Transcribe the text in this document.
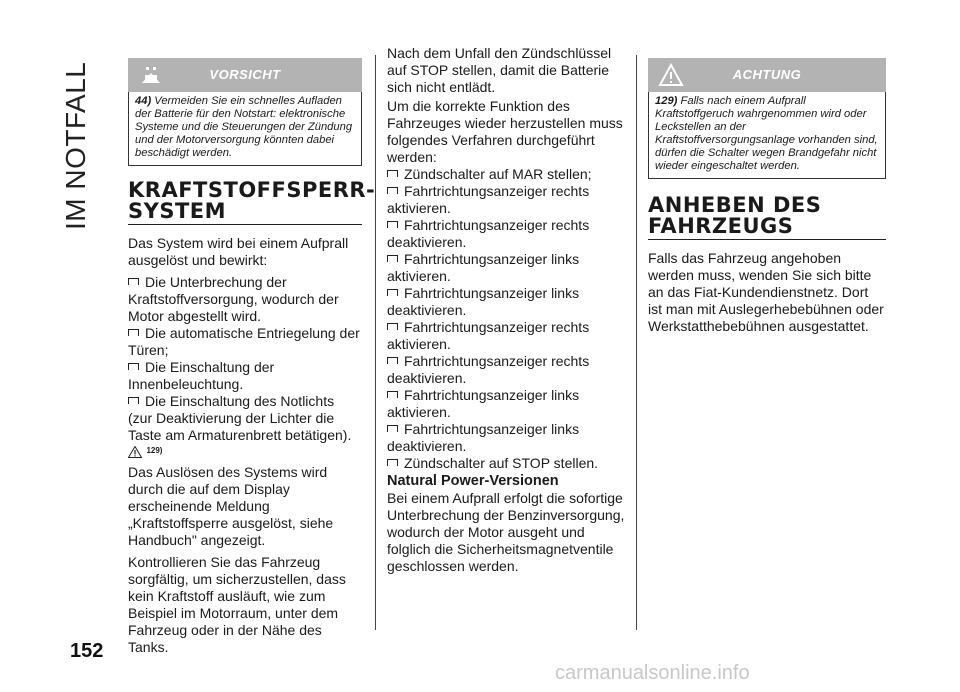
IM NOTFALL
152
VORSICHT
44) Vermeiden Sie ein schnelles Aufladen der Batterie für den Notstart: elektronische Systeme und die Steuerungen der Zündung und der Motorversorgung könnten dabei beschädigt werden.
KRAFTSTOFFSPERR-
SYSTEM

Das System wird bei einem Aufprall ausgelöst und bewirkt:

Die Unterbrechung der Kraftstoffversorgung, wodurch der Motor abgestellt wird.
Die automatische Entriegelung der Türen;
Die Einschaltung der Innenbeleuchtung.
Die Einschaltung des Notlichts (zur Deaktivierung der Lichter die Taste am Armaturenbrett betätigen).
$^{129)}$

Das Auslösen des Systems wird durch die auf dem Display erscheinende Meldung „Kraftstoffsperre ausgelöst, siehe Handbuch" angezeigt.

Kontrollieren Sie das Fahrzeug sorgfältig, um sicherzustellen, dass kein Kraftstoff ausläuft, wie zum Beispiel im Motorraum, unter dem Fahrzeug oder in der Nähe des Tanks.

Nach dem Unfall den Zündschlüssel auf STOP stellen, damit die Batterie sich nicht entlädt.

Um die korrekte Funktion des Fahrzeuges wieder herzustellen muss folgendes Verfahren durchgeführt werden:

Zündschalter auf MAR stellen;
Fahrtrichtungsanzeiger rechts aktivieren.
Fahrtrichtungsanzeiger rechts deaktivieren.
Fahrtrichtungsanzeiger links aktivieren.
Fahrtrichtungsanzeiger links deaktivieren.
Fahrtrichtungsanzeiger rechts aktivieren.
Fahrtrichtungsanzeiger rechts deaktivieren.
Fahrtrichtungsanzeiger links aktivieren.
Fahrtrichtungsanzeiger links deaktivieren.
Zündschalter auf STOP stellen.
Natural Power-Versionen

Bei einem Aufprall erfolgt die sofortige Unterbrechung der Benzinversorgung, wodurch der Motor ausgeht und folglich die Sicherheitsmagnetventile geschlossen werden.

ACHTUNG
129) Falls nach einem Aufprall Kraftstoffgeruch wahrgenommen wird oder Leckstellen an der Kraftstoffversorgungsanlage vorhanden sind, dürfen die Schalter wegen Brandgefahr nicht wieder eingeschaltet werden.
ANHEBEN DES
FAHRZEUGS

Falls das Fahrzeug angehoben werden muss, wenden Sie sich bitte an das Fiat-Kundendienstnetz. Dort ist man mit Auslegerhebebühnen oder Werkstatthebebühnen ausgestattet.

carmanualsonline.info
